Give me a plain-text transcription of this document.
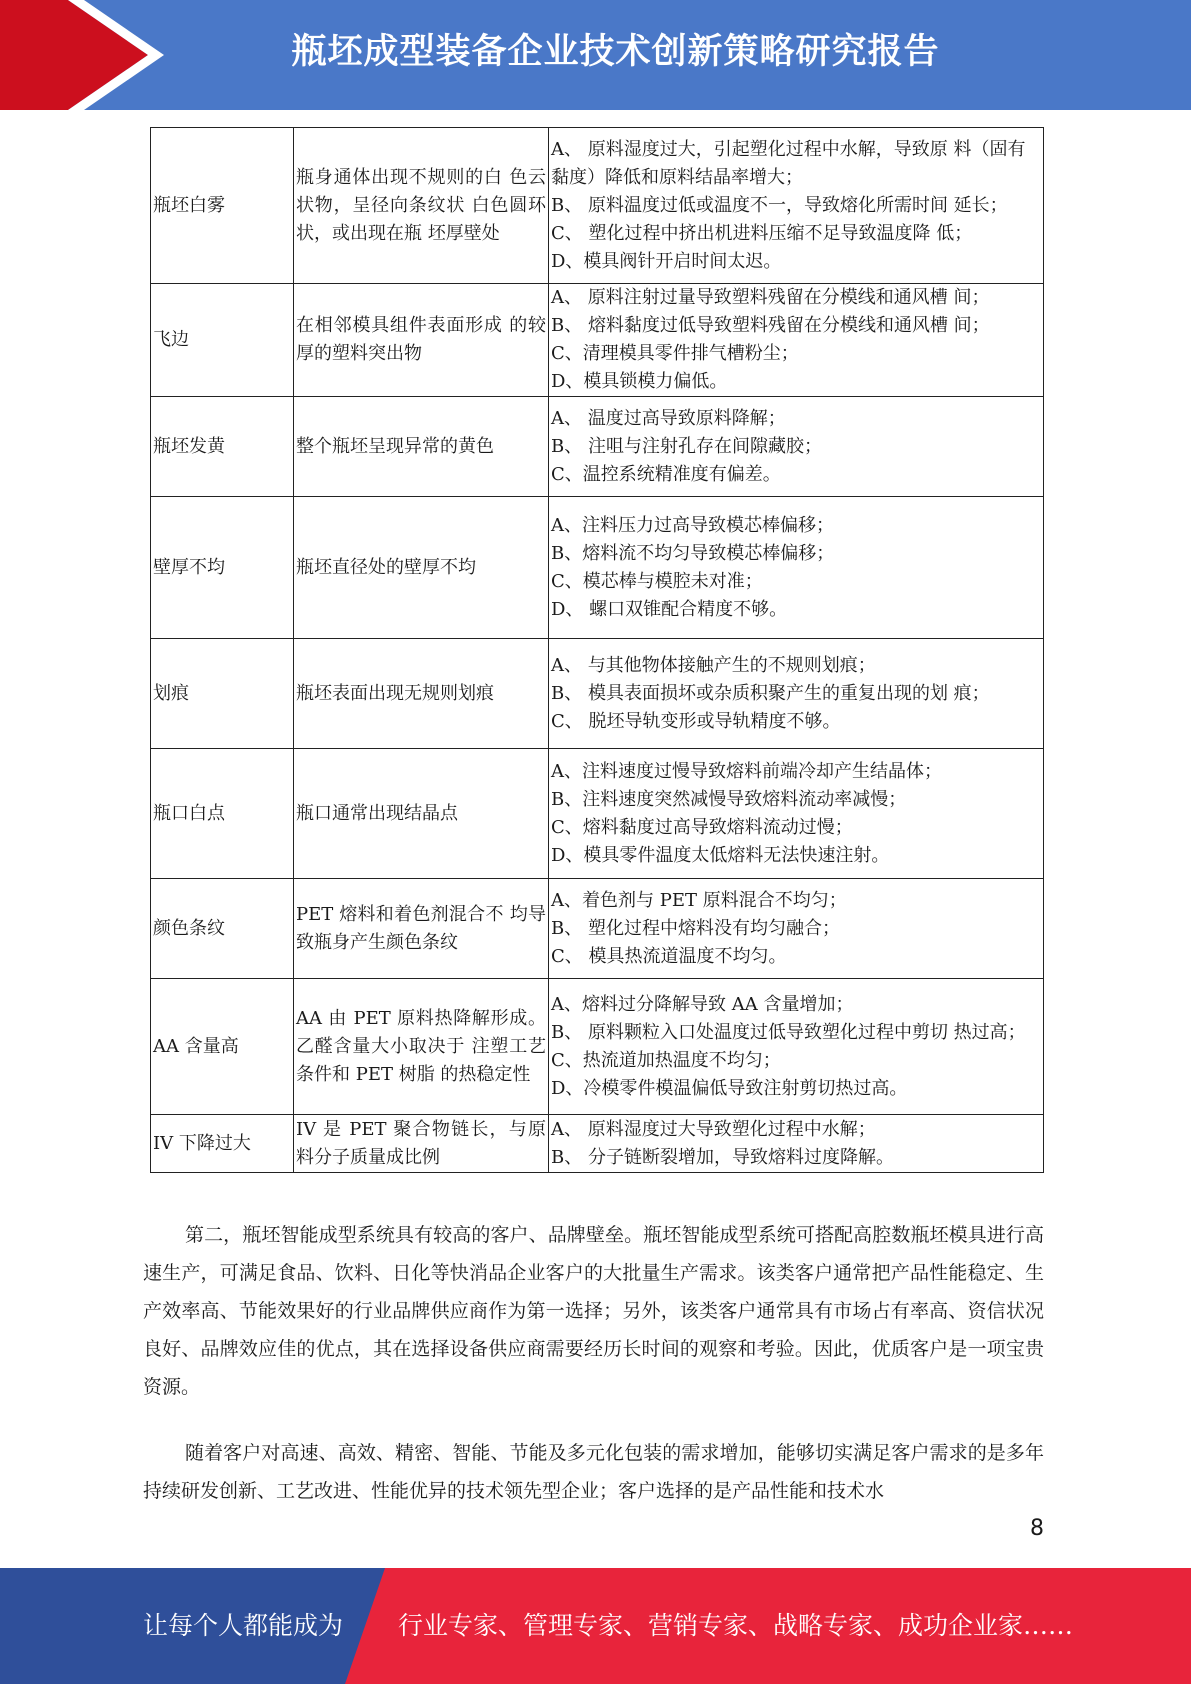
瓶坯成型装备企业技术创新策略研究报告
瓶坯白雾	瓶身通体出现不规则的白 色云状物，呈径向条纹状 白色圆环状，或出现在瓶 坯厚壁处	A、 原料湿度过大，引起塑化过程中水解，导致原 料（固有黏度）降低和原料结晶率增大；
B、 原料温度过低或温度不一，导致熔化所需时间 延长；
C、 塑化过程中挤出机进料压缩不足导致温度降 低；
D、模具阀针开启时间太迟。

飞边	在相邻模具组件表面形成 的较厚的塑料突出物	A、 原料注射过量导致塑料残留在分模线和通风槽 间；
B、 熔料黏度过低导致塑料残留在分模线和通风槽 间；
C、清理模具零件排气槽粉尘；
D、模具锁模力偏低。

瓶坯发黄	整个瓶坯呈现异常的黄色	A、 温度过高导致原料降解；
B、 注咀与注射孔存在间隙藏胶；
C、温控系统精准度有偏差。

壁厚不均	瓶坯直径处的壁厚不均	A、注料压力过高导致模芯棒偏移；
B、熔料流不均匀导致模芯棒偏移；
C、模芯棒与模腔未对准；
D、 螺口双锥配合精度不够。

划痕	瓶坯表面出现无规则划痕	A、 与其他物体接触产生的不规则划痕；
B、 模具表面损坏或杂质积聚产生的重复出现的划 痕；
C、 脱坯导轨变形或导轨精度不够。

瓶口白点	瓶口通常出现结晶点	A、注料速度过慢导致熔料前端冷却产生结晶体；
B、注料速度突然减慢导致熔料流动率减慢；
C、熔料黏度过高导致熔料流动过慢；
D、模具零件温度太低熔料无法快速注射。

颜色条纹	PET 熔料和着色剂混合不 均导致瓶身产生颜色条纹	A、着色剂与 PET 原料混合不均匀；
B、 塑化过程中熔料没有均匀融合；
C、 模具热流道温度不均匀。

AA 含量高	AA 由 PET 原料热降解形成。乙醛含量大小取决于 注塑工艺条件和 PET 树脂 的热稳定性	A、熔料过分降解导致 AA 含量增加；
B、 原料颗粒入口处温度过低导致塑化过程中剪切 热过高；
C、热流道加热温度不均匀；
D、冷模零件模温偏低导致注射剪切热过高。

IV 下降过大	IV 是 PET 聚合物链长，与原料分子质量成比例	A、 原料湿度过大导致塑化过程中水解；
B、 分子链断裂增加，导致熔料过度降解。
第二，瓶坯智能成型系统具有较高的客户、品牌壁垒。瓶坯智能成型系统可搭配高腔数瓶坯模具进行高速生产，可满足食品、饮料、日化等快消品企业客户的大批量生产需求。该类客户通常把产品性能稳定、生产效率高、节能效果好的行业品牌供应商作为第一选择；另外，该类客户通常具有市场占有率高、资信状况良好、品牌效应佳的优点，其在选择设备供应商需要经历长时间的观察和考验。因此，优质客户是一项宝贵资源。
随着客户对高速、高效、精密、智能、节能及多元化包装的需求增加，能够切实满足客户需求的是多年持续研发创新、工艺改进、性能优异的技术领先型企业；客户选择的是产品性能和技术水
8
让每个人都能成为 行业专家、管理专家、营销专家、战略专家、成功企业家……
